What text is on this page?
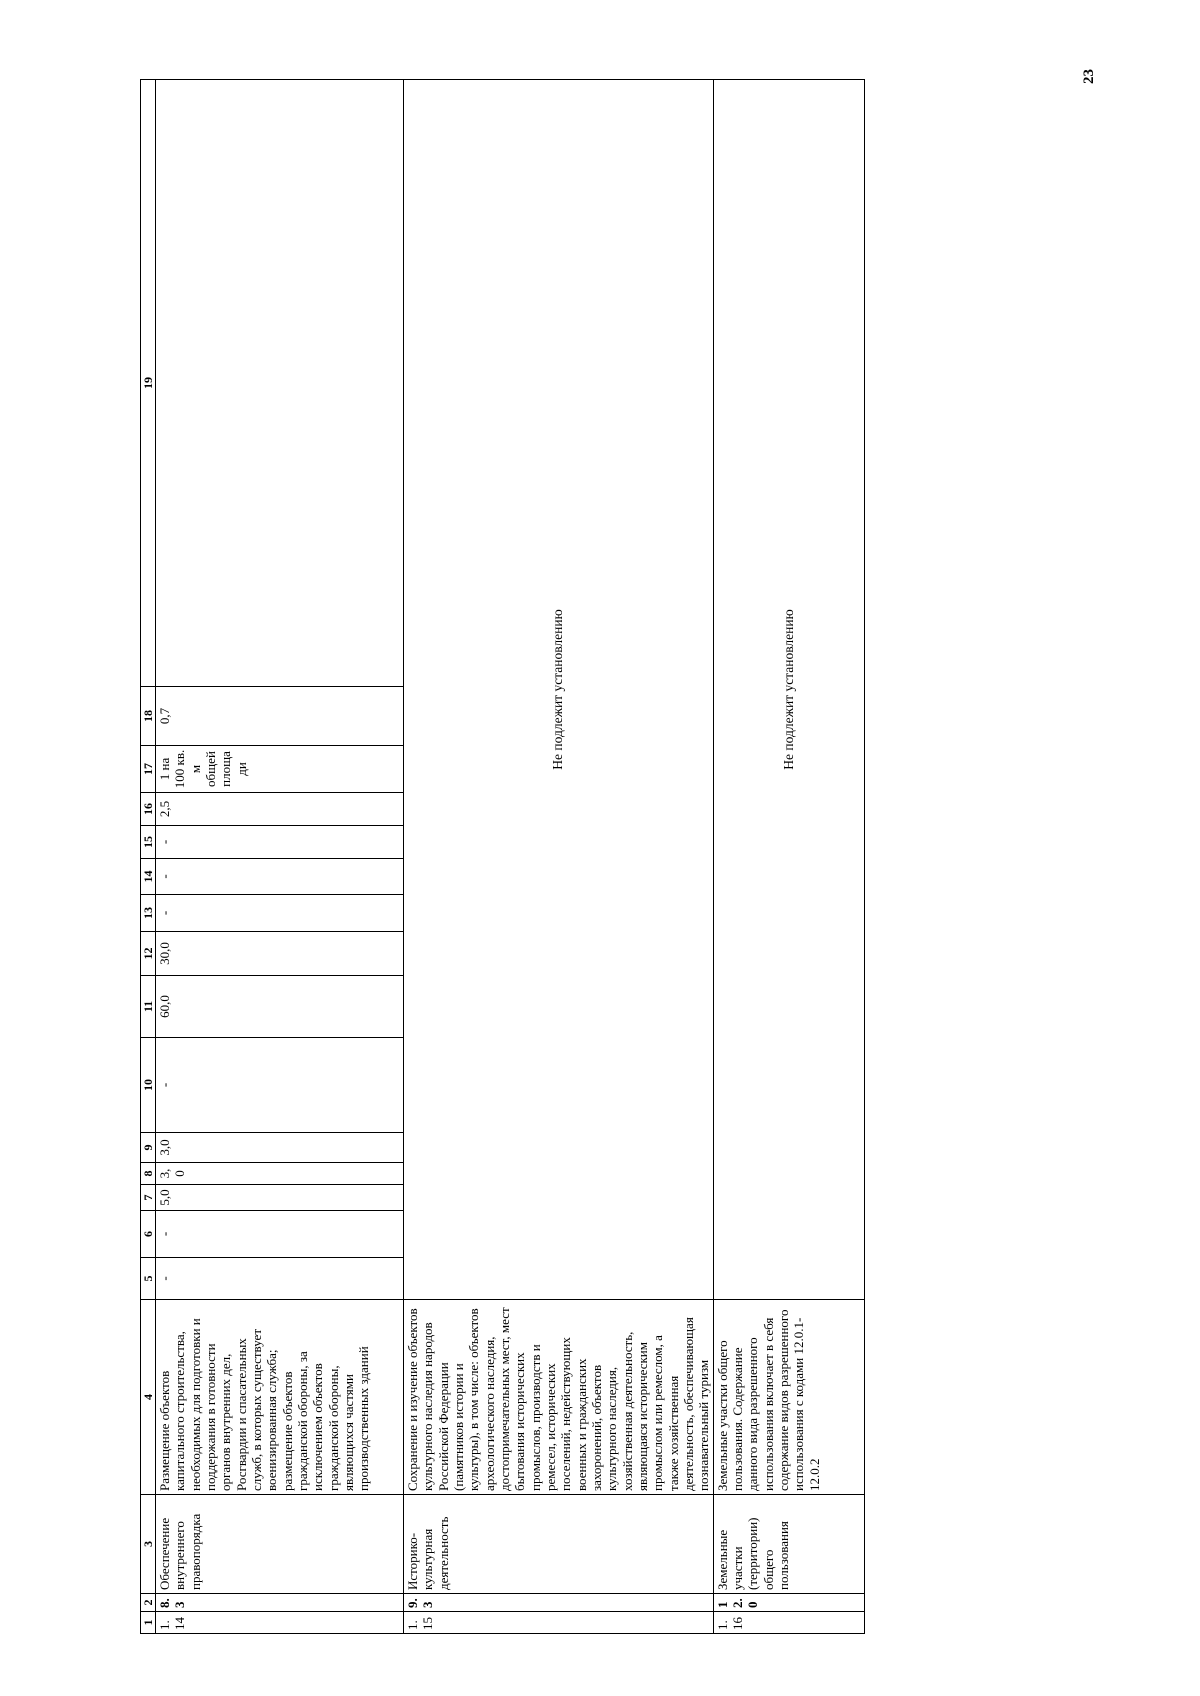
23
1	2	3	4	5	6	7	8	9	10	11	12	13	14	15	16	17	18	19
1.14	8.3	Обеспечение внутреннего правопорядка	Размещение объектов капитального строительства, необходимых для подготовки и поддержания в готовности органов внутренних дел, Росгвардии и спасательных служб, в которых существует военизированная служба; размещение объектов гражданской обороны, за исключением объектов гражданской обороны, являющихся частями производственных зданий	-	-	5,0	3,0	3,0	-	60,0	30,0	-	-	-	2,5	1 на 100 кв. м общей площади	0,7	
1.15	9.3	Историко-культурная деятельность	Сохранение и изучение объектов культурного наследия народов Российской Федерации (памятников истории и культуры), в том числе: объектов археологического наследия, достопримечательных мест, мест бытования исторических промыслов, производств и ремесел, исторических поселений, недействующих военных и гражданских захоронений, объектов культурного наследия, хозяйственная деятельность, являющаяся историческим промыслом или ремеслом, а также хозяйственная деятельность, обеспечивающая познавательный туризм	Не подлежит установлению														
1.16	12.0	Земельные участки (территории) общего пользования	Земельные участки общего пользования. Содержание данного вида разрешенного использования включает в себя содержание видов разрешенного использования с кодами 12.0.1-12.0.2	Не подлежит установлению														
